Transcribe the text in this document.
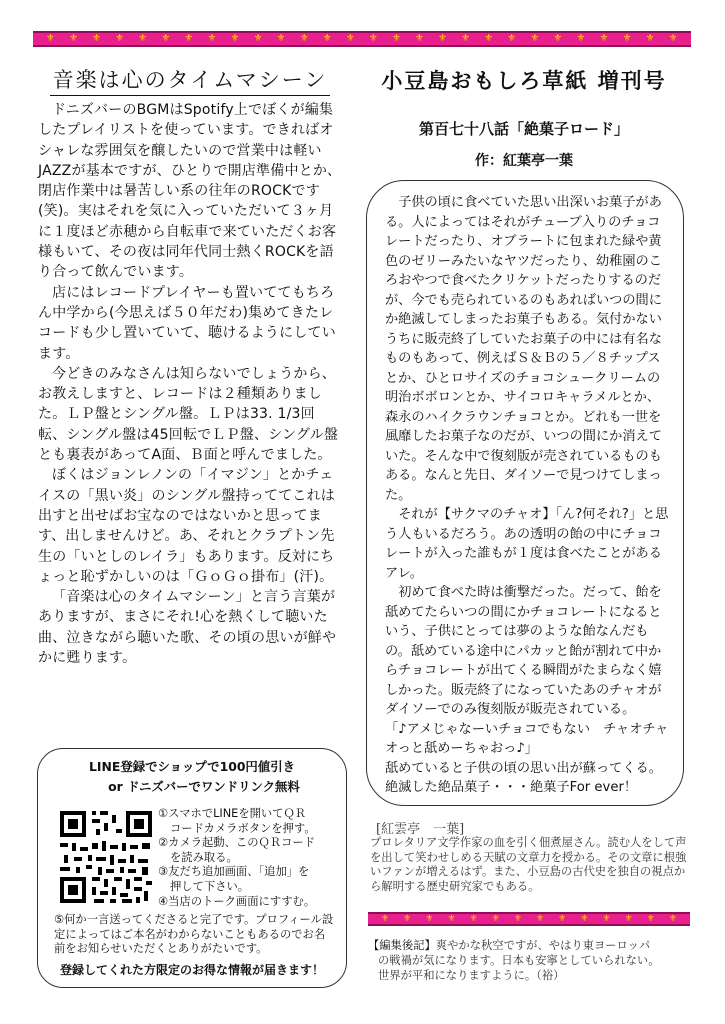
⚜ ⚜ ⚜ ⚜ ⚜ ⚜ ⚜ ⚜ ⚜ ⚜ ⚜ ⚜ ⚜ ⚜ ⚜ ⚜ ⚜ ⚜ ⚜ ⚜ ⚜ ⚜ ⚜ ⚜ ⚜ ⚜ ⚜ ⚜
音楽は心のタイムマシーン

ドニズバーのBGMはSpotify上でぼくが編集したプレイリストを使っています。できればオシャレな雰囲気を醸したいので営業中は軽いJAZZが基本ですが、ひとりで開店準備中とか、閉店作業中は暑苦しい系の往年のROCKです(笑)。実はそれを気に入っていただいて３ヶ月に１度ほど赤穂から自転車で来ていただくお客様もいて、その夜は同年代同士熱くROCKを語り合って飲んでいます。

店にはレコードプレイヤーも置いててもちろん中学から(今思えば５０年だわ)集めてきたレコードも少し置いていて、聴けるようにしています。

今どきのみなさんは知らないでしょうから、お教えしますと、レコードは２種類ありました。ＬＰ盤とシングル盤。ＬＰは33. 1/3回転、シングル盤は45回転でＬＰ盤、シングル盤とも裏表があってA面、Ｂ面と呼んでました。

ぼくはジョンレノンの「イマジン」とかチェイスの「黒い炎」のシングル盤持っててこれは出すと出せばお宝なのではないかと思ってます、出しませんけど。あ、それとクラプトン先生の「いとしのレイラ」もあります。反対にちょっと恥ずかしいのは「ＧｏＧｏ掛布」(汗)。

「音楽は心のタイムマシーン」と言う言葉がありますが、まさにそれ!心を熱くして聴いた曲、泣きながら聴いた歌、その頃の思いが鮮やかに甦ります。

LINE登録でショップで100円値引き
or ドニズバーでワンドリンク無料
①スマホでLINEを開いてＱＲ
コードカメラボタンを押す。
②カメラ起動、このＱＲコード
を読み取る。
③友だち追加画面、「追加」を
押して下さい。
④当店のトーク画面にすすむ。
⑤何か一言送ってくださると完了です。プロフィール設定によってはご本名がわからないこともあるのでお名前をお知らせいただくとありがたいです。
登録してくれた方限定のお得な情報が届きます！
小豆島おもしろ草紙 増刊号
第百七十八話「絶菓子ロード」
作：紅葉亭一葉

子供の頃に食べていた思い出深いお菓子がある。人によってはそれがチューブ入りのチョコレートだったり、オブラートに包まれた緑や黄色のゼリーみたいなヤツだったり、幼稚園のころおやつで食べたクリケットだったりするのだが、今でも売られているのもあればいつの間にか絶滅してしまったお菓子もある。気付かないうちに販売終了していたお菓子の中には有名なものもあって、例えばＳ＆Ｂの５／８チップスとか、ひとロサイズのチョコシュークリームの明治ボボロンとか、サイコロキャラメルとか、森永のハイクラウンチョコとか。どれも一世を風靡したお菓子なのだが、いつの間にか消えていた。そんな中で復刻版が売されているものもある。なんと先日、ダイソーで見つけてしまった。

それが【サクマのチャオ】「ん?何それ?」と思う人もいるだろう。あの透明の飴の中にチョコレートが入った誰もが１度は食べたことがあるアレ。

初めて食べた時は衝撃だった。だって、飴を舐めてたらいつの間にかチョコレートになるという、子供にとっては夢のような飴なんだもの。舐めている途中にパカッと飴が割れて中からチョコレートが出てくる瞬間がたまらなく嬉しかった。販売終了になっていたあのチャオがダイソーでのみ復刻版が販売されている。

「♪アメじゃなーいチョコでもない　チャオチャオっと舐めーちゃおっ♪」

舐めていると子供の頃の思い出が蘇ってくる。絶滅した絶品菓子・・・絶菓子For ever！

[紅雲亭　一葉]
プロレタリア文学作家の血を引く佃煮屋さん。読む人をして声を出して笑わせしめる天賦の文章力を授かる。その文章に根強いファンが増えるはず。また、小豆島の古代史を独自の視点から解明する歴史研究家でもある。
⚜ ⚜ ⚜ ⚜ ⚜ ⚜ ⚜ ⚜ ⚜ ⚜ ⚜ ⚜ ⚜ ⚜
【編集後記】爽やかな秋空ですが、やはり東ヨーロッパ
の戦禍が気になります。日本も安寧としていられない。
世界が平和になりますように。（裕）
